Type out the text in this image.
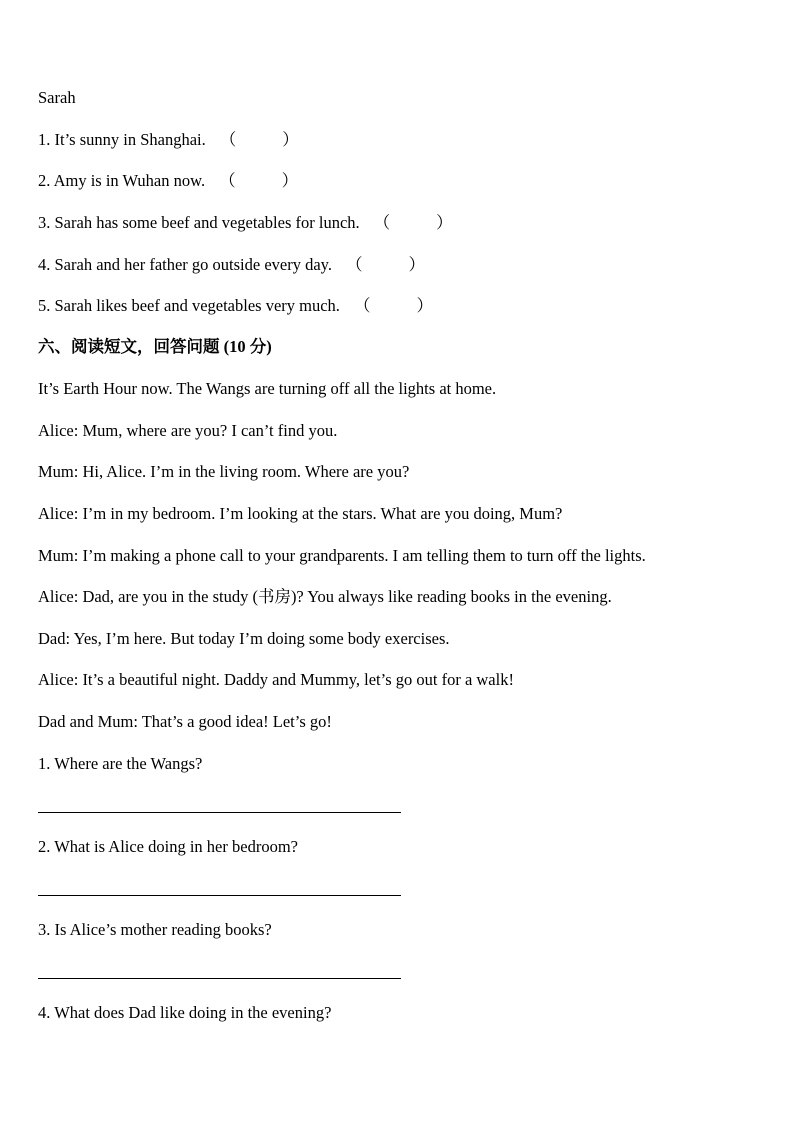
Sarah
1. It’s sunny in Shanghai. （	）
2. Amy is in Wuhan now. （	）
3. Sarah has some beef and vegetables for lunch. （	）
4. Sarah and her father go outside every day. （	）
5. Sarah likes beef and vegetables very much. （	）
六、阅读短文，回答问题 (10 分)
It’s Earth Hour now. The Wangs are turning off all the lights at home.
Alice: Mum, where are you? I can’t find you.
Mum: Hi, Alice. I’m in the living room. Where are you?
Alice: I’m in my bedroom. I’m looking at the stars. What are you doing, Mum?
Mum: I’m making a phone call to your grandparents. I am telling them to turn off the lights.
Alice: Dad, are you in the study (书房)? You always like reading books in the evening.
Dad: Yes, I’m here. But today I’m doing some body exercises.
Alice: It’s a beautiful night. Daddy and Mummy, let’s go out for a walk!
Dad and Mum: That’s a good idea! Let’s go!
1. Where are the Wangs?
2. What is Alice doing in her bedroom?
3. Is Alice’s mother reading books?
4. What does Dad like doing in the evening?
